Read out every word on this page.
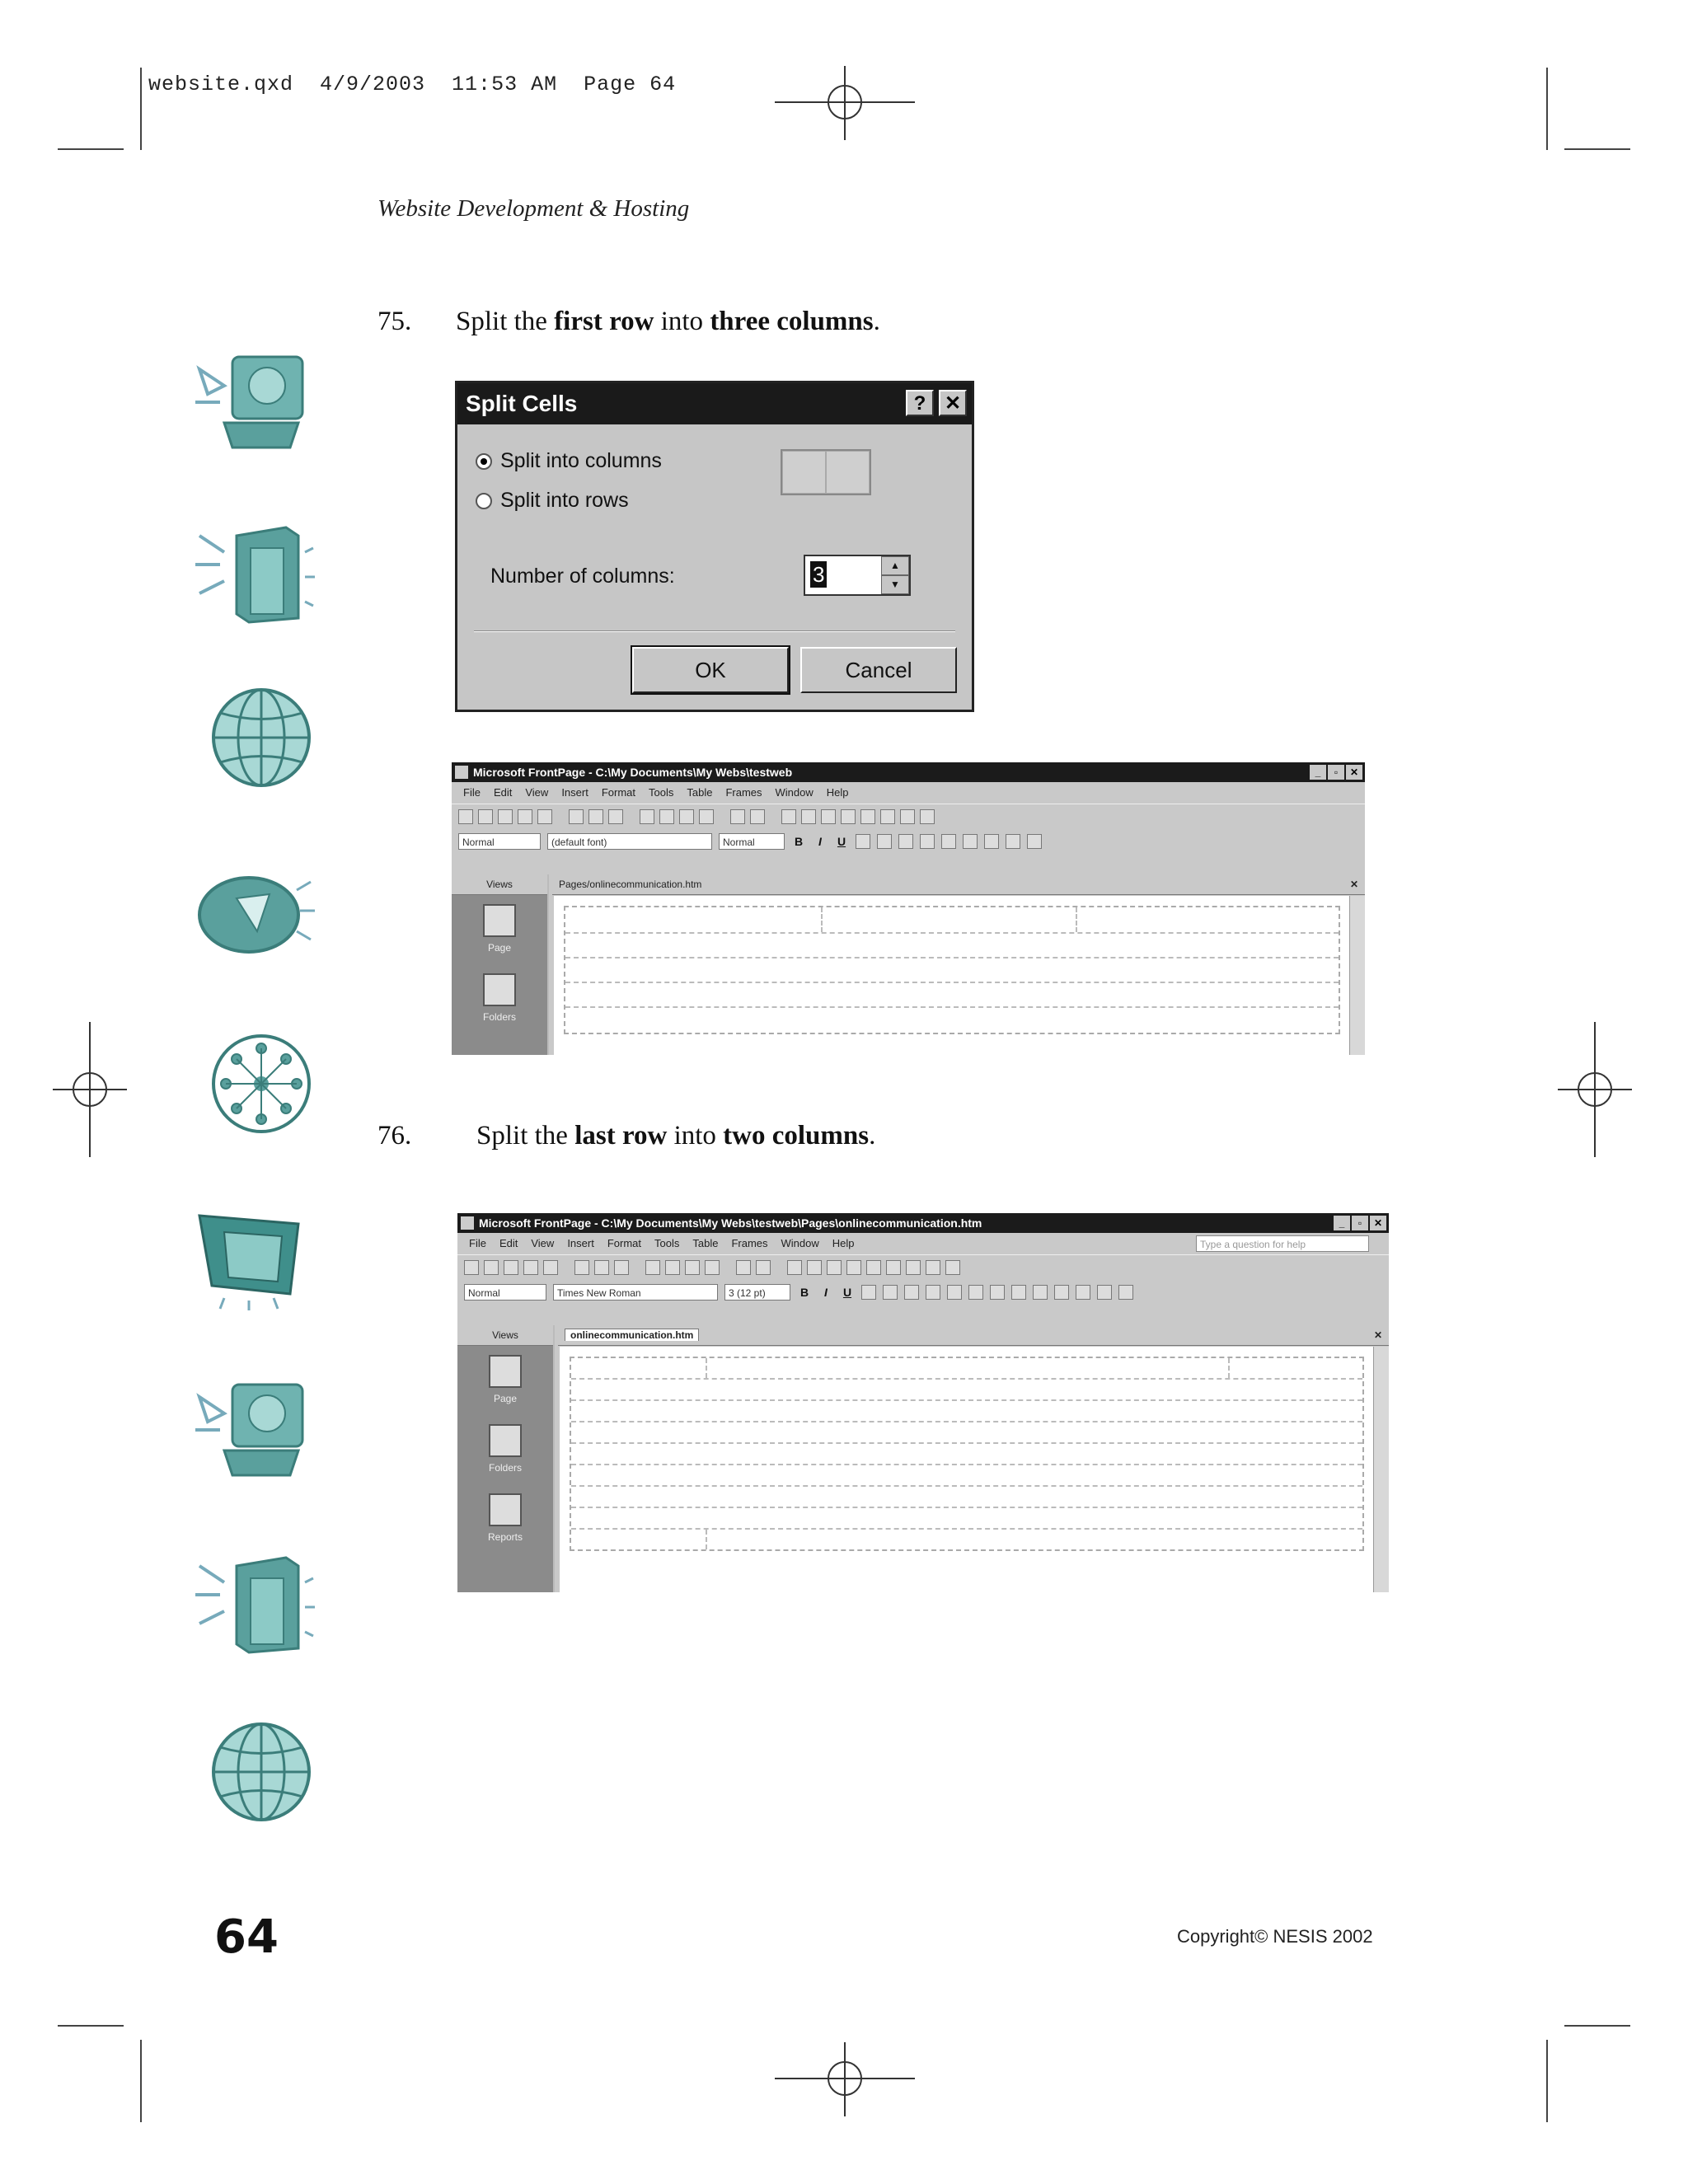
website.qxd  4/9/2003  11:53 AM  Page 64
Website Development & Hosting
75. Split the first row into three columns.
Split Cells	? ✕
Split into columns
Split into rows
Number of columns:	3	▲
▼
OK	Cancel
Microsoft FrontPage - C:\My Documents\My Webs\testweb	_	▫	✕
File Edit View Insert Format Tools Table Frames Window Help
Normal	(default font)	Normal	B	I	U
Views
Page
Folders
Pages/onlinecommunication.htm	✕
76. Split the last row into two columns.
Microsoft FrontPage - C:\My Documents\My Webs\testweb\Pages\onlinecommunication.htm	_	▫	✕
File Edit View Insert Format Tools Table Frames Window Help	Type a question for help
Normal	Times New Roman	3 (12 pt)	B	I	U
Views
Page
Folders
Reports
onlinecommunication.htm	✕
64	Copyright© NESIS 2002
